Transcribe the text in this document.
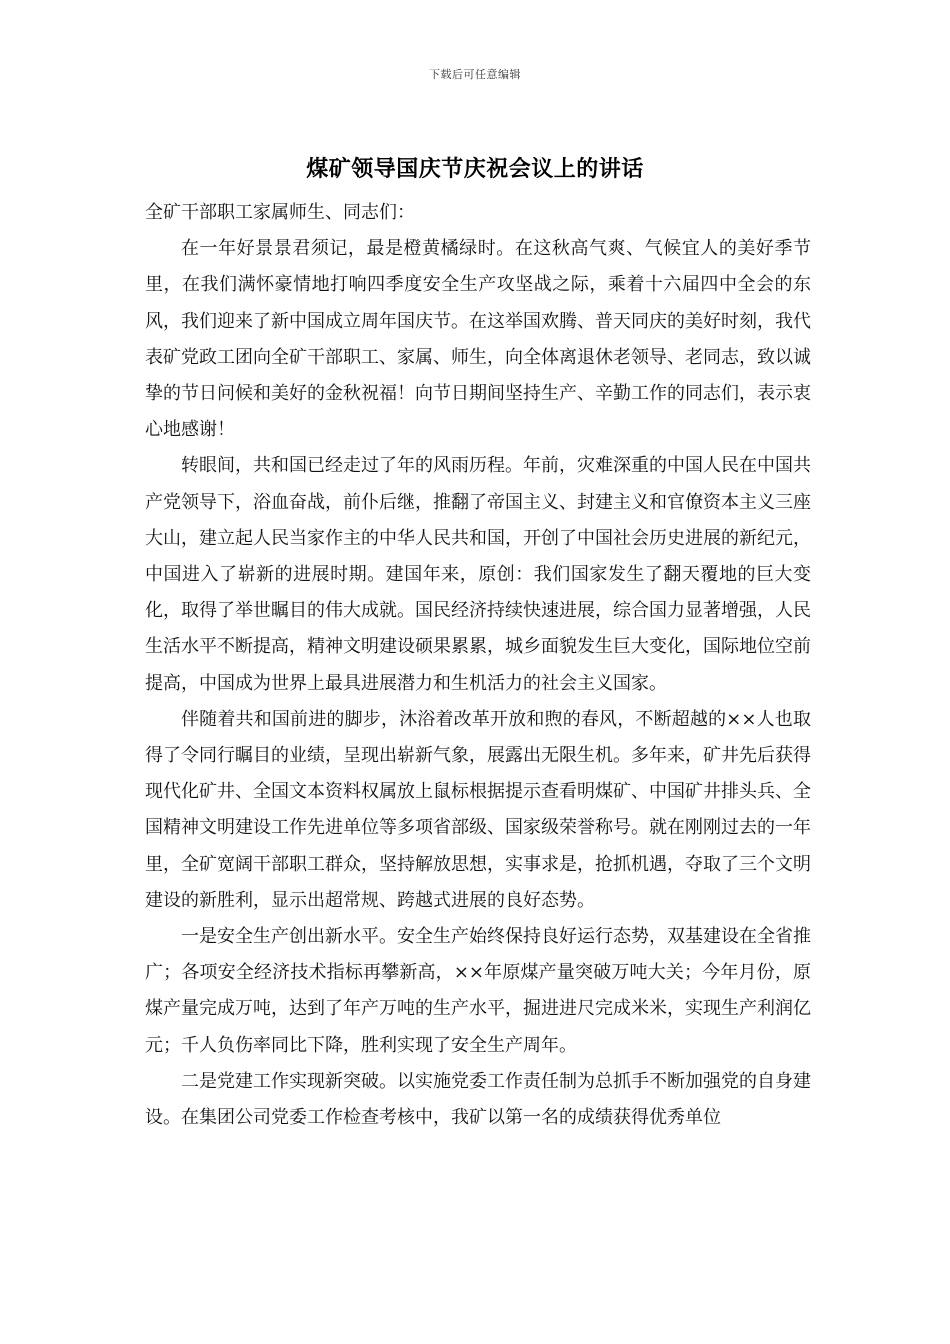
下载后可任意编辑
煤矿领导国庆节庆祝会议上的讲话

全矿干部职工家属师生、同志们：

在一年好景景君须记，最是橙黄橘绿时。在这秋高气爽、气候宜人的美好季节里，在我们满怀豪情地打响四季度安全生产攻坚战之际，乘着十六届四中全会的东风，我们迎来了新中国成立周年国庆节。在这举国欢腾、普天同庆的美好时刻，我代表矿党政工团向全矿干部职工、家属、师生，向全体离退休老领导、老同志，致以诚挚的节日问候和美好的金秋祝福！向节日期间坚持生产、辛勤工作的同志们，表示衷心地感谢！

转眼间，共和国已经走过了年的风雨历程。年前，灾难深重的中国人民在中国共产党领导下，浴血奋战，前仆后继，推翻了帝国主义、封建主义和官僚资本主义三座大山，建立起人民当家作主的中华人民共和国，开创了中国社会历史进展的新纪元，中国进入了崭新的进展时期。建国年来，原创：我们国家发生了翻天覆地的巨大变化，取得了举世瞩目的伟大成就。国民经济持续快速进展，综合国力显著增强，人民生活水平不断提高，精神文明建设硕果累累，城乡面貌发生巨大变化，国际地位空前提高，中国成为世界上最具进展潜力和生机活力的社会主义国家。

伴随着共和国前进的脚步，沐浴着改革开放和煦的春风，不断超越的××人也取得了令同行瞩目的业绩，呈现出崭新气象，展露出无限生机。多年来，矿井先后获得现代化矿井、全国文本资料权属放上鼠标根据提示查看明煤矿、中国矿井排头兵、全国精神文明建设工作先进单位等多项省部级、国家级荣誉称号。就在刚刚过去的一年里，全矿宽阔干部职工群众，坚持解放思想，实事求是，抢抓机遇，夺取了三个文明建设的新胜利，显示出超常规、跨越式进展的良好态势。

一是安全生产创出新水平。安全生产始终保持良好运行态势，双基建设在全省推广；各项安全经济技术指标再攀新高，××年原煤产量突破万吨大关；今年月份，原煤产量完成万吨，达到了年产万吨的生产水平，掘进进尺完成米米，实现生产利润亿元；千人负伤率同比下降，胜利实现了安全生产周年。

二是党建工作实现新突破。以实施党委工作责任制为总抓手不断加强党的自身建设。在集团公司党委工作检查考核中，我矿以第一名的成绩获得优秀单位
